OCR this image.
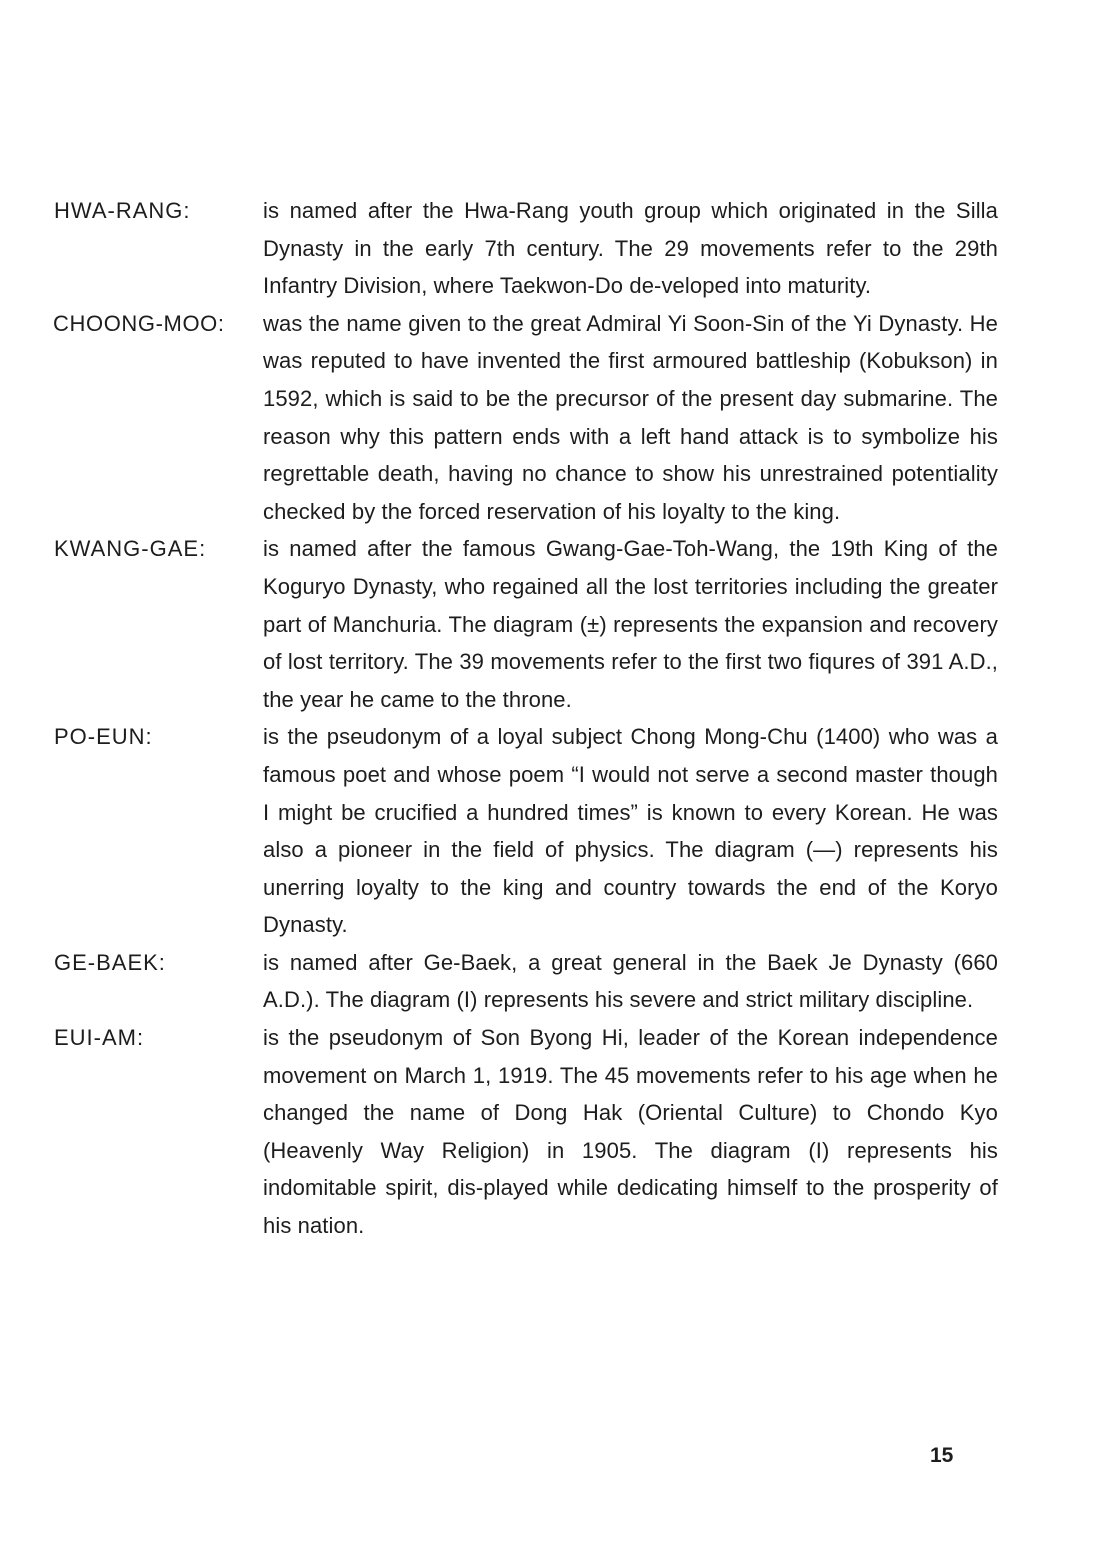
HWA-RANG:	is named after the Hwa-Rang youth group which originated in the Silla Dynasty in the early 7th century. The 29 movements refer to the 29th Infantry Division, where Taekwon-Do de-veloped into maturity.

CHOONG-MOO: was the name given to the great Admiral Yi Soon-Sin of the Yi Dynasty. He was reputed to have invented the first armoured battleship (Kobukson) in 1592, which is said to be the precursor of the present day submarine. The reason why this pattern ends with a left hand attack is to symbolize his regrettable death, having no chance to show his unrestrained potentiality checked by the forced reservation of his loyalty to the king.

KWANG-GAE:	is named after the famous Gwang-Gae-Toh-Wang, the 19th King of the Koguryo Dynasty, who regained all the lost territories including the greater part of Manchuria. The diagram (±) represents the expansion and recovery of lost territory. The 39 movements refer to the first two fiqures of 391 A.D., the year he came to the throne.

PO-EUN:	is the pseudonym of a loyal subject Chong Mong-Chu (1400) who was a famous poet and whose poem “I would not serve a second master though I might be crucified a hundred times” is known to every Korean. He was also a pioneer in the field of physics. The diagram (—) represents his unerring loyalty to the king and country towards the end of the Koryo Dynasty.

GE-BAEK:	is named after Ge-Baek, a great general in the Baek Je Dynasty (660 A.D.). The diagram (I) represents his severe and strict military discipline.

EUI-AM:	is the pseudonym of Son Byong Hi, leader of the Korean independence movement on March 1, 1919. The 45 movements refer to his age when he changed the name of Dong Hak (Oriental Culture) to Chondo Kyo (Heavenly Way Religion) in 1905. The diagram (I) represents his indomitable spirit, dis-played while dedicating himself to the prosperity of his nation.

15
